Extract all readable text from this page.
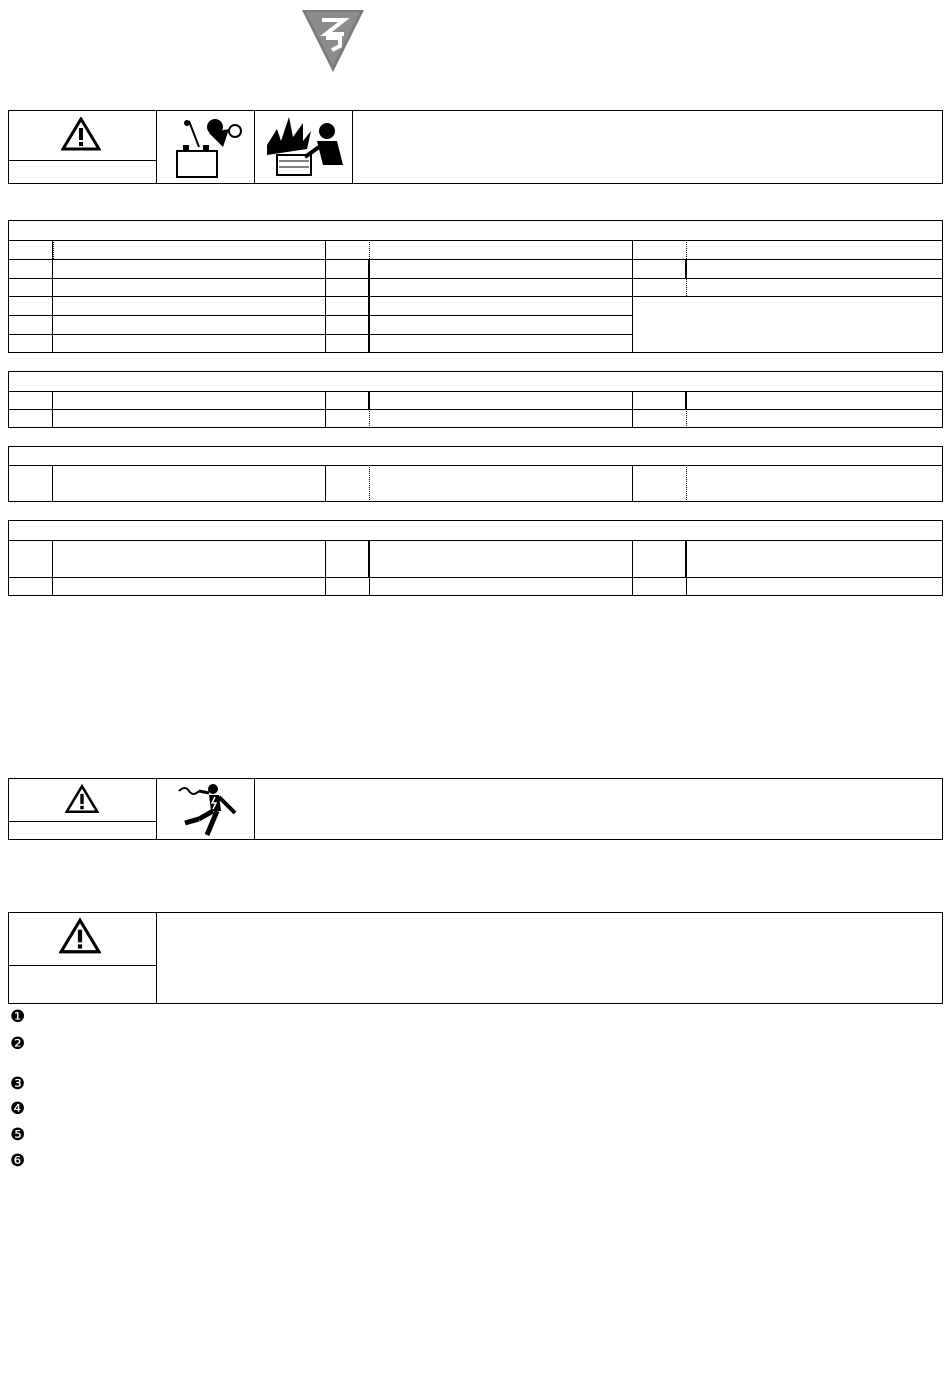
❶
❷
❸
❹
❺
❻
